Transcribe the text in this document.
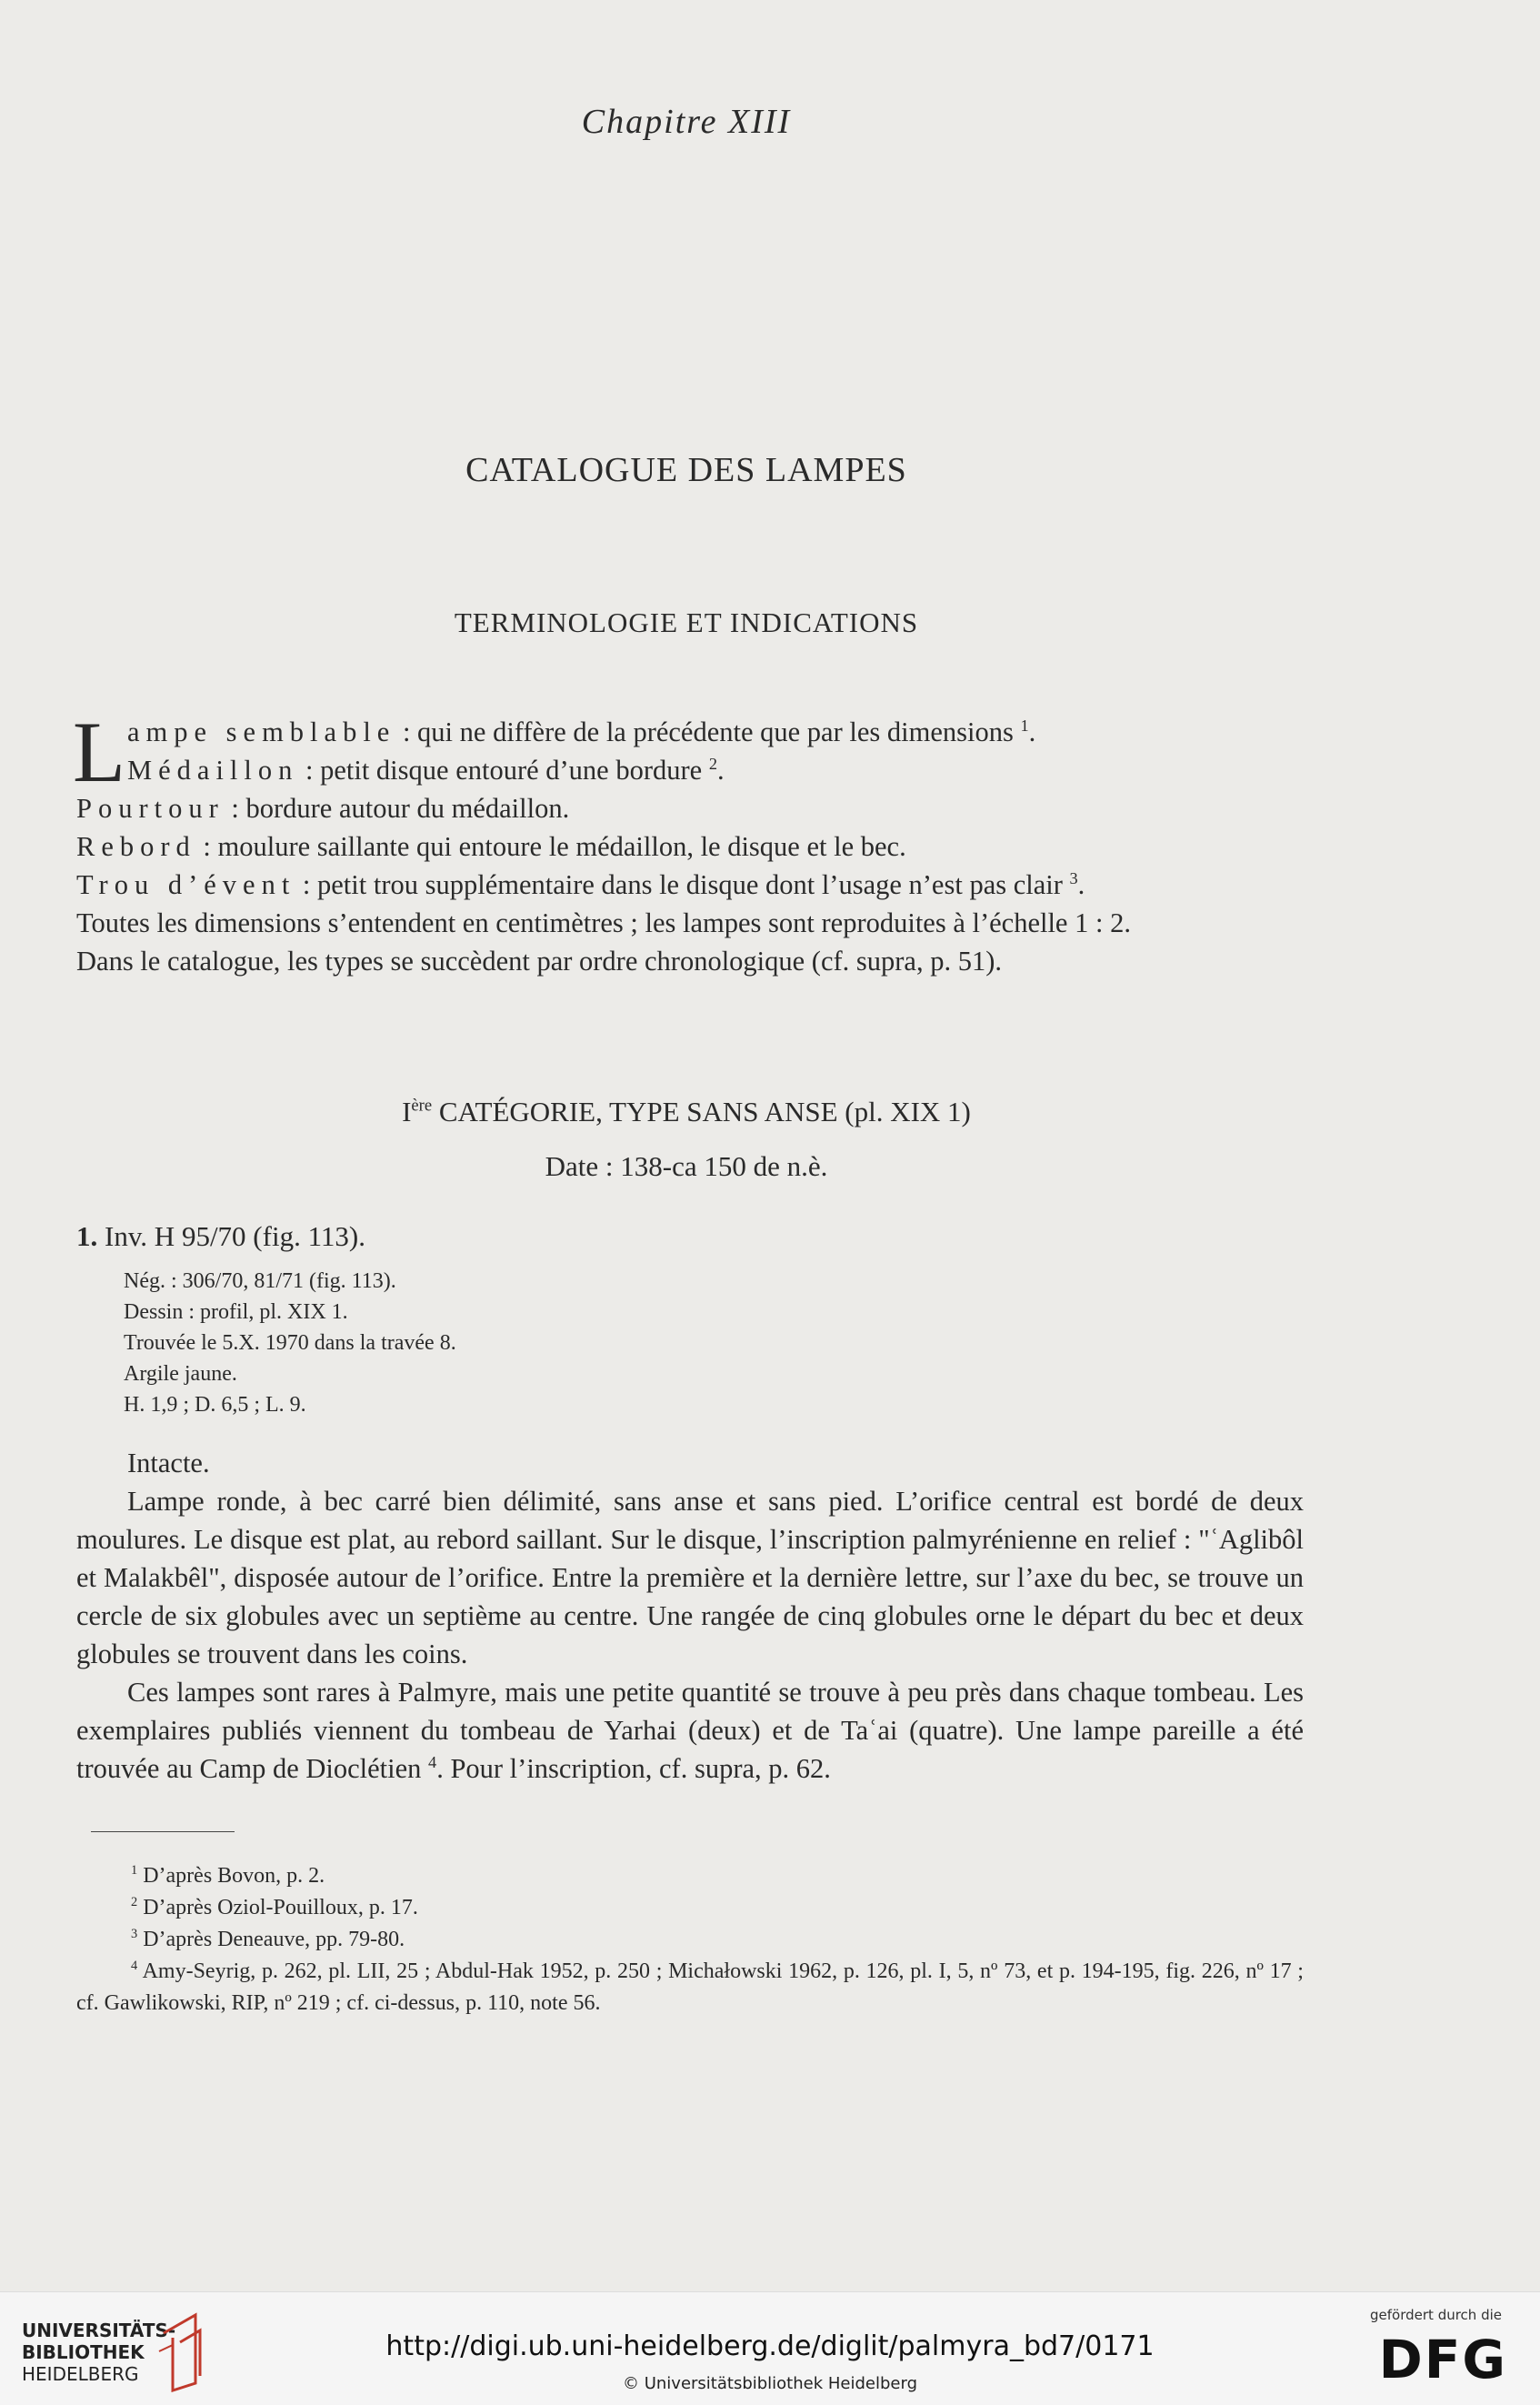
Chapitre XIII
CATALOGUE DES LAMPES
TERMINOLOGIE ET INDICATIONS
L ampe semblable : qui ne diffère de la précédente que par les dimensions $^1$.
Médaillon : petit disque entouré d’une bordure $^2$.
Pourtour : bordure autour du médaillon.
Rebord : moulure saillante qui entoure le médaillon, le disque et le bec.
Trou d’évent : petit trou supplémentaire dans le disque dont l’usage n’est pas clair $^3$.
Toutes les dimensions s’entendent en centimètres ; les lampes sont reproduites à l’échelle 1 : 2.
Dans le catalogue, les types se succèdent par ordre chronologique (cf. supra, p. 51).
Ière CATÉGORIE, TYPE SANS ANSE (pl. XIX 1)
Date : 138-ca 150 de n.è.
1. Inv. H 95/70 (fig. 113).
Nég. : 306/70, 81/71 (fig. 113).
Dessin : profil, pl. XIX 1.
Trouvée le 5.X. 1970 dans la travée 8.
Argile jaune.
H. 1,9 ; D. 6,5 ; L. 9.
Intacte.
Lampe ronde, à bec carré bien délimité, sans anse et sans pied. L’orifice central est bordé de deux moulures. Le disque est plat, au rebord saillant. Sur le disque, l’inscription palmyrénienne en relief : "ʿAglibôl et Malakbêl", disposée autour de l’orifice. Entre la première et la dernière lettre, sur l’axe du bec, se trouve un cercle de six globules avec un septième au centre. Une rangée de cinq globules orne le départ du bec et deux globules se trouvent dans les coins.
Ces lampes sont rares à Palmyre, mais une petite quantité se trouve à peu près dans chaque tombeau. Les exemplaires publiés viennent du tombeau de Yarhai (deux) et de Taʿai (quatre). Une lampe pareille a été trouvée au Camp de Dioclétien $^4$. Pour l’inscription, cf. supra, p. 62.
$^1$ D’après Bovon, p. 2.
$^2$ D’après Oziol-Pouilloux, p. 17.
$^3$ D’après Deneauve, pp. 79-80.
$^4$ Amy-Seyrig, p. 262, pl. LII, 25 ; Abdul-Hak 1952, p. 250 ; Michałowski 1962, p. 126, pl. I, 5, nº 73, et p. 194-195, fig. 226, nº 17 ; cf. Gawlikowski, RIP, nº 219 ; cf. ci-dessus, p. 110, note 56.
UNIVERSITÄTS-
BIBLIOTHEK
HEIDELBERG
http://digi.ub.uni-heidelberg.de/diglit/palmyra_bd7/0171
© Universitätsbibliothek Heidelberg
gefördert durch die
DFG
